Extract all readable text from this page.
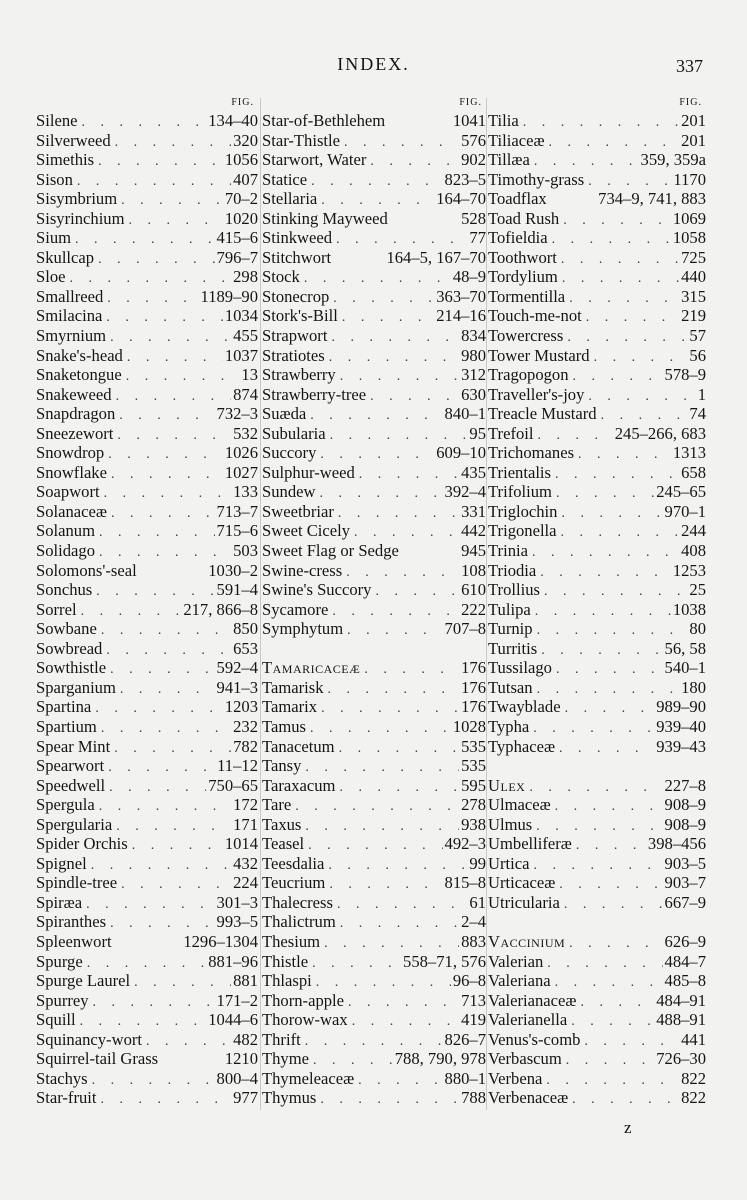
INDEX.	337
FIG.
Silene . . .	134–40
Silverweed . . .	320
Simethis . . .	1056
Sison . . .	407
Sisymbrium . . .	70–2
Sisyrinchium . . .	1020
Sium . . .	415–6
Skullcap . . .	796–7
Sloe . . .	298
Smallreed . . .	1189–90
Smilacina . . .	1034
Smyrnium . . .	455
Snake's-head . . .	1037
Snaketongue . . .	13
Snakeweed . . .	874
Snapdragon . . .	732–3
Sneezewort . . .	532
Snowdrop . . .	1026
Snowflake . . .	1027
Soapwort . . .	133
Solanaceæ . . .	713–7
Solanum . . .	715–6
Solidago . . .	503
Solomons'-seal	1030–2
Sonchus . . .	591–4
Sorrel . . .	217, 866–8
Sowbane . . .	850
Sowbread . . .	653
Sowthistle . . .	592–4
Sparganium . . .	941–3
Spartina . . .	1203
Spartium . . .	232
Spear Mint . . .	782
Spearwort . . .	11–12
Speedwell . . .	750–65
Spergula . . .	172
Spergularia . . .	171
Spider Orchis . . .	1014
Spignel . . .	432
Spindle-tree . . .	224
Spiræa . . .	301–3
Spiranthes . . .	993–5
Spleenwort	1296–1304
Spurge . . .	881–96
Spurge Laurel . . .	881
Spurrey . . .	171–2
Squill . . .	1044–6
Squinancy-wort . . .	482
Squirrel-tail Grass	1210
Stachys . . .	800–4
Star-fruit . . .	977
FIG.
Star-of-Bethlehem	1041
Star-Thistle . . .	576
Starwort, Water . . .	902
Statice . . .	823–5
Stellaria . . .	164–70
Stinking Mayweed	528
Stinkweed . . .	77
Stitchwort	164–5, 167–70
Stock . . .	48–9
Stonecrop . . .	363–70
Stork's-Bill . . .	214–16
Strapwort . . .	834
Stratiotes . . .	980
Strawberry . . .	312
Strawberry-tree . . .	630
Suæda . . .	840–1
Subularia . . .	95
Succory . . .	609–10
Sulphur-weed . . .	435
Sundew . . .	392–4
Sweetbriar . . .	331
Sweet Cicely . . .	442
Sweet Flag or Sedge	945
Swine-cress . . .	108
Swine's Succory . . .	610
Sycamore . . .	222
Symphytum . . .	707–8
Tamaricaceæ . . .	176
Tamarisk . . .	176
Tamarix . . .	176
Tamus . . .	1028
Tanacetum . . .	535
Tansy . . .	535
Taraxacum . . .	595
Tare . . .	278
Taxus . . .	938
Teasel . . .	492–3
Teesdalia . . .	99
Teucrium . . .	815–8
Thalecress . . .	61
Thalictrum . . .	2–4
Thesium . . .	883
Thistle . . .	558–71, 576
Thlaspi . . .	96–8
Thorn-apple . . .	713
Thorow-wax . . .	419
Thrift . . .	826–7
Thyme . . .	788, 790, 978
Thymeleaceæ . . .	880–1
Thymus . . .	788
FIG.
Tilia . . .	201
Tiliaceæ . . .	201
Tillæa . . .	359, 359a
Timothy-grass . . .	1170
Toadflax	734–9, 741, 883
Toad Rush . . .	1069
Tofieldia . . .	1058
Toothwort . . .	725
Tordylium . . .	440
Tormentilla . . .	315
Touch-me-not . . .	219
Towercress . . .	57
Tower Mustard . . .	56
Tragopogon . . .	578–9
Traveller's-joy . . .	1
Treacle Mustard . . .	74
Trefoil . . .	245–266, 683
Trichomanes . . .	1313
Trientalis . . .	658
Trifolium . . .	245–65
Triglochin . . .	970–1
Trigonella . . .	244
Trinia . . .	408
Triodia . . .	1253
Trollius . . .	25
Tulipa . . .	1038
Turnip . . .	80
Turritis . . .	56, 58
Tussilago . . .	540–1
Tutsan . . .	180
Twayblade . . .	989–90
Typha . . .	939–40
Typhaceæ . . .	939–43
Ulex . . .	227–8
Ulmaceæ . . .	908–9
Ulmus . . .	908–9
Umbelliferæ . . .	398–456
Urtica . . .	903–5
Urticaceæ . . .	903–7
Utricularia . . .	667–9
Vaccinium . . .	626–9
Valerian . . .	484–7
Valeriana . . .	485–8
Valerianaceæ . . .	484–91
Valerianella . . .	488–91
Venus's-comb . . .	441
Verbascum . . .	726–30
Verbena . . .	822
Verbenaceæ . . .	822
z
